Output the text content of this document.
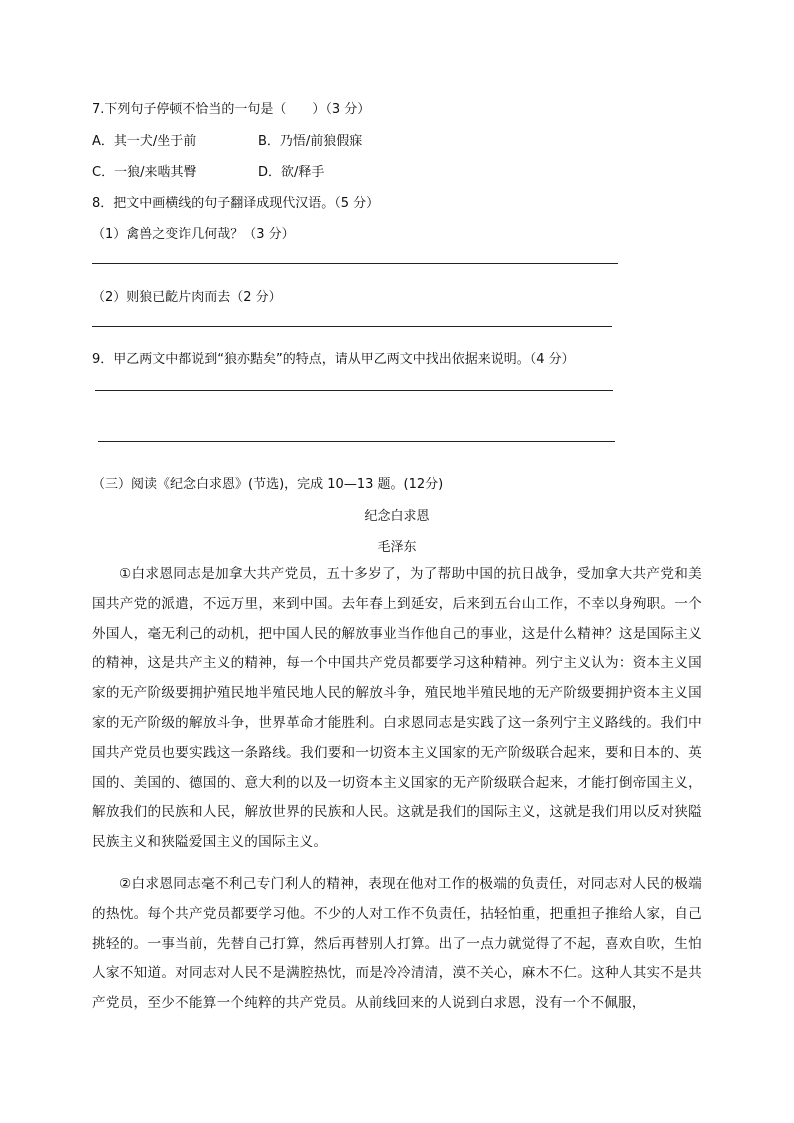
7.下列句子停顿不恰当的一句是（　　）（3 分）
A．其一犬/坐于前	B．乃悟/前狼假寐
C．一狼/来啮其臀	D．欲/释手
8．把文中画横线的句子翻译成现代汉语。（5 分）
（1）禽兽之变诈几何哉？（3 分）
（2）则狼已齕片肉而去（2 分）
9．甲乙两文中都说到“狼亦黠矣”的特点，请从甲乙两文中找出依据来说明。（4 分）
（三）阅读《纪念白求恩》(节选)，完成 10—13 题。(12分)
纪念白求恩
毛泽东

①白求恩同志是加拿大共产党员，五十多岁了，为了帮助中国的抗日战争，受加拿大共产党和美国共产党的派遣，不远万里，来到中国。去年春上到延安，后来到五台山工作，不幸以身殉职。一个外国人，毫无利己的动机，把中国人民的解放事业当作他自己的事业，这是什么精神？这是国际主义的精神，这是共产主义的精神，每一个中国共产党员都要学习这种精神。列宁主义认为：资本主义国家的无产阶级要拥护殖民地半殖民地人民的解放斗争，殖民地半殖民地的无产阶级要拥护资本主义国家的无产阶级的解放斗争，世界革命才能胜利。白求恩同志是实践了这一条列宁主义路线的。我们中国共产党员也要实践这一条路线。我们要和一切资本主义国家的无产阶级联合起来，要和日本的、英国的、美国的、德国的、意大利的以及一切资本主义国家的无产阶级联合起来，才能打倒帝国主义，解放我们的民族和人民，解放世界的民族和人民。这就是我们的国际主义，这就是我们用以反对狭隘民族主义和狭隘爱国主义的国际主义。

②白求恩同志毫不利己专门利人的精神，表现在他对工作的极端的负责任，对同志对人民的极端的热忱。每个共产党员都要学习他。不少的人对工作不负责任，拈轻怕重，把重担子推给人家，自己挑轻的。一事当前，先替自己打算，然后再替别人打算。出了一点力就觉得了不起，喜欢自吹，生怕人家不知道。对同志对人民不是满腔热忱，而是冷冷清清，漠不关心，麻木不仁。这种人其实不是共产党员，至少不能算一个纯粹的共产党员。从前线回来的人说到白求恩，没有一个不佩服，
